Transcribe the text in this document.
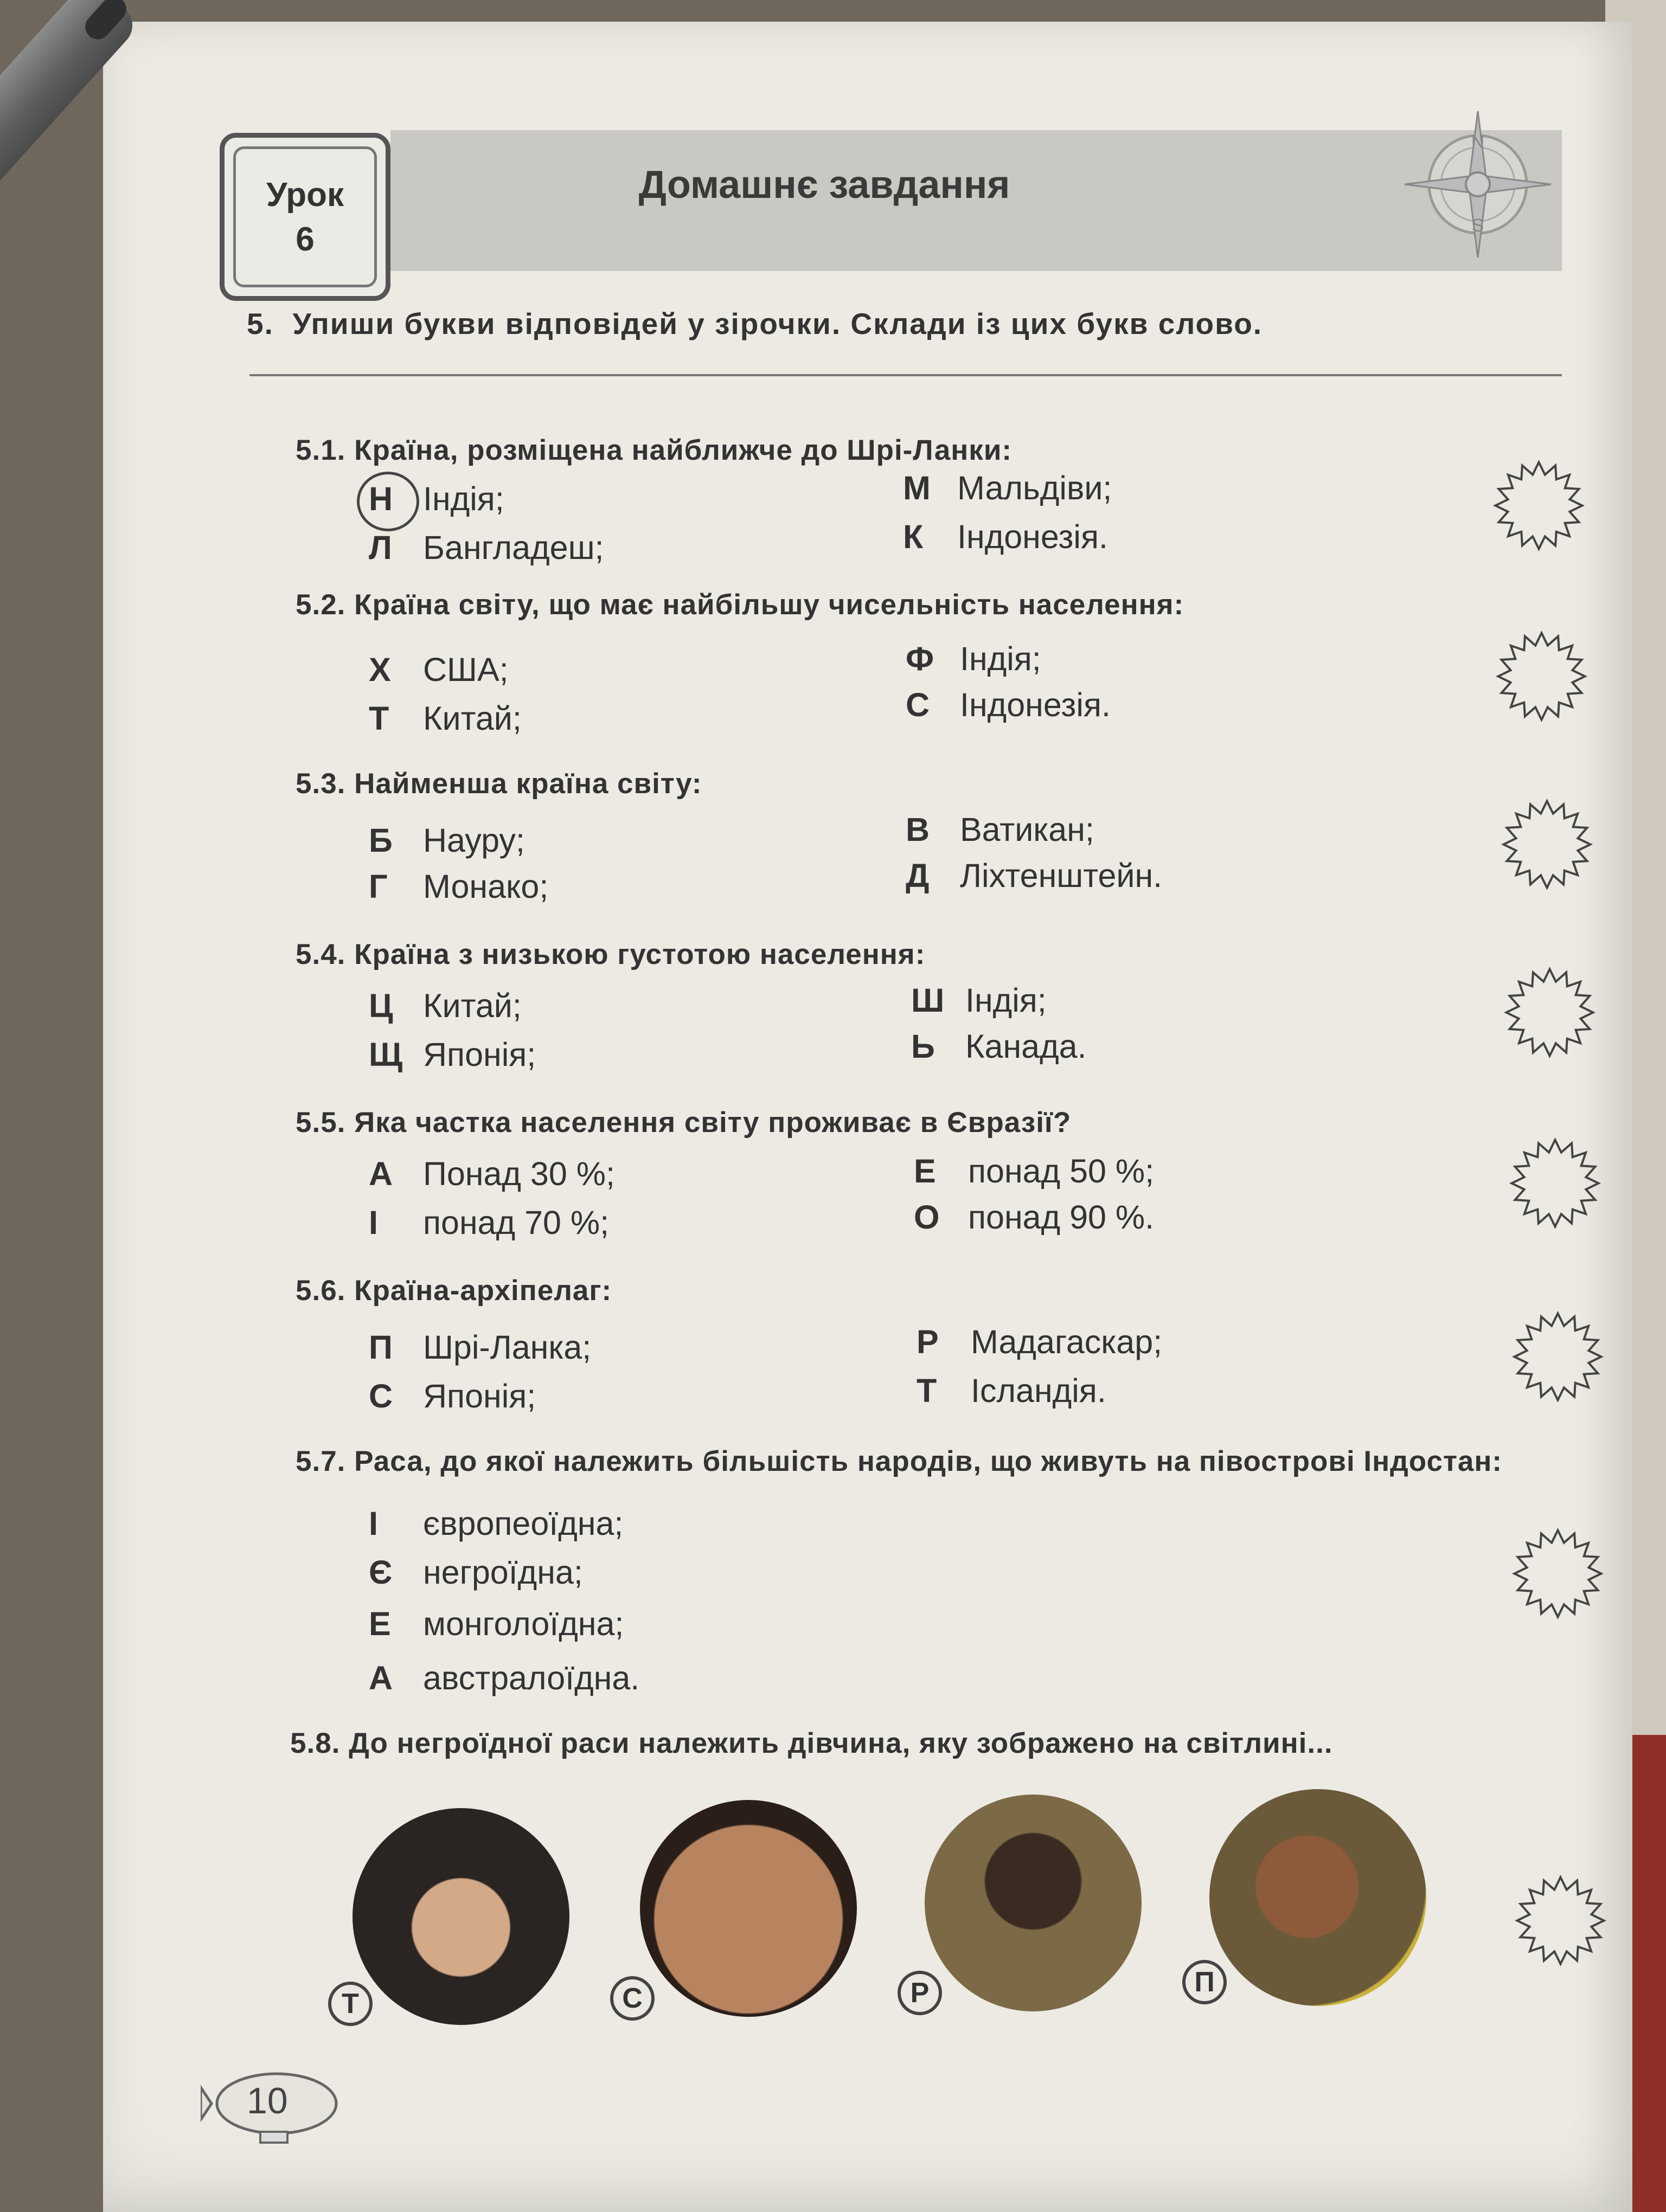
Урок
6
Домашнє завдання
N
S
5. Упиши букви відповідей у зірочки. Склади із цих букв слово.
5.1. Країна, розміщена найближче до Шрі-Ланки:
Н Індія;	М Мальдіви;
Л Бангладеш;	К Індонезія.
5.2. Країна світу, що має найбільшу чисельність населення:
Х США;	Ф Індія;
Т Китай;	С Індонезія.
5.3. Найменша країна світу:
Б Науру;	В Ватикан;
Г Монако;	Д Ліхтенштейн.
5.4. Країна з низькою густотою населення:
Ц Китай;	Ш Індія;
Щ Японія;	Ь Канада.
5.5. Яка частка населення світу проживає в Євразії?
А Понад 30 %;	Е понад 50 %;
І понад 70 %;	О понад 90 %.
5.6. Країна-архіпелаг:
П Шрі-Ланка;	Р Мадагаскар;
С Японія;	Т Ісландія.
5.7. Раса, до якої належить більшість народів, що живуть на півострові Індостан:
І європеоїдна;
Є негроїдна;
Е монголоїдна;
А австралоїдна.
5.8. До негроїдної раси належить дівчина, яку зображено на світлині...
Т	С	Р	П
10
